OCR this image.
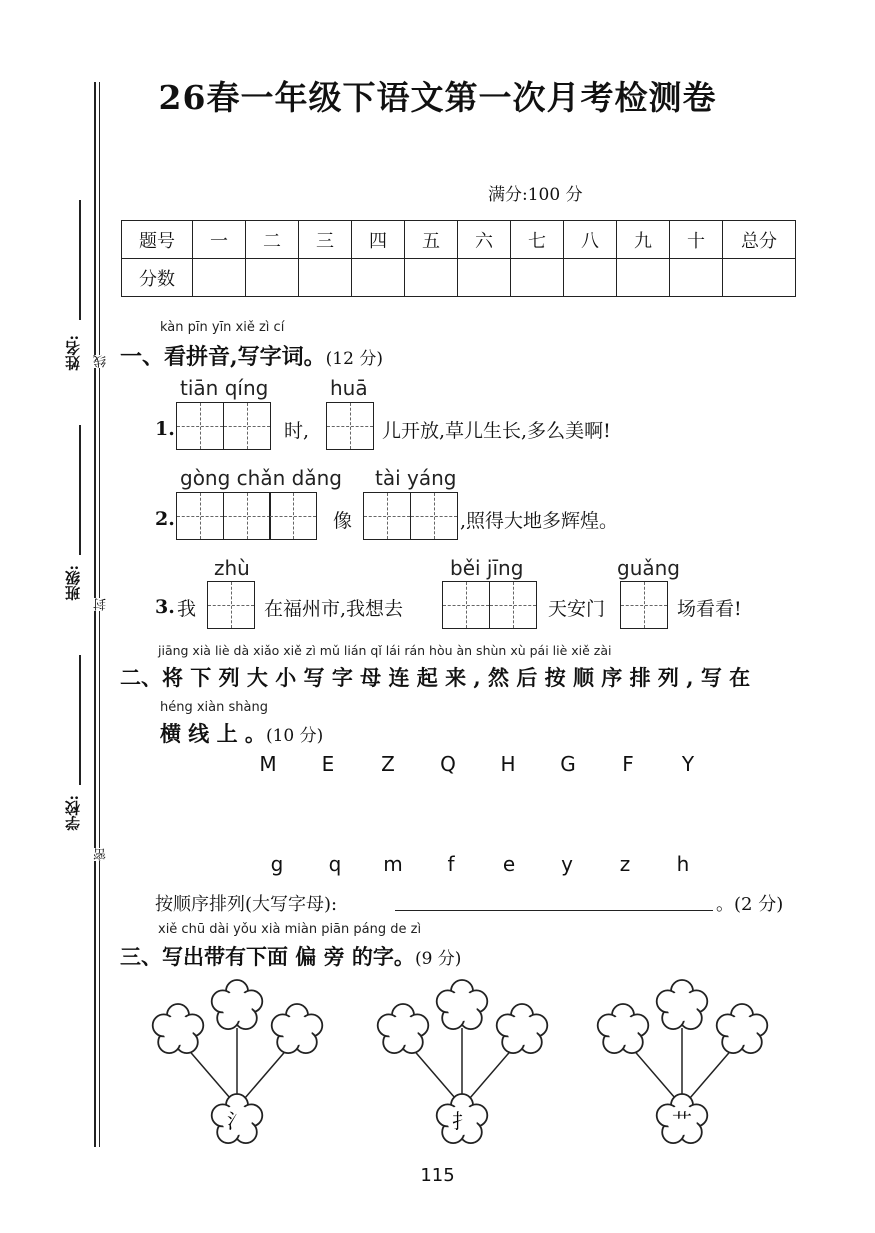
26春一年级下语文第一次月考检测卷
满分:100 分
姓名:
班级:
学校:
线
封
密
题号	一	二	三	四	五	六	七	八	九	十	总分
分数											
kàn pīn yīn xiě zì cí
一、看拼音,写字词。(12 分)
tiān qíng	huā
1.	时,	儿开放,草儿生长,多么美啊!
gòng chǎn dǎng tài yáng
2.	像	,照得大地多辉煌。
zhù	běi jīng	guǎng
3. 我	在福州市,我想去	天安门	场看看!
jiāng xià liè dà xiǎo xiě zì mǔ lián qǐ lái rán hòu àn shùn xù pái liè xiě zài
二、将 下 列 大 小 写 字 母 连 起 来 , 然 后 按 顺 序 排 列 , 写 在
héng xiàn shàng
横 线 上 。(10 分)
M	E	Z	Q	H	G	F	Y
g	q	m	f	e	y	z	h
按顺序排列(大写字母):	。(2 分)
xiě chū dài yǒu xià miàn piān páng de zì
三、写出带有下面 偏 旁 的字。(9 分)
氵	扌	艹
115
